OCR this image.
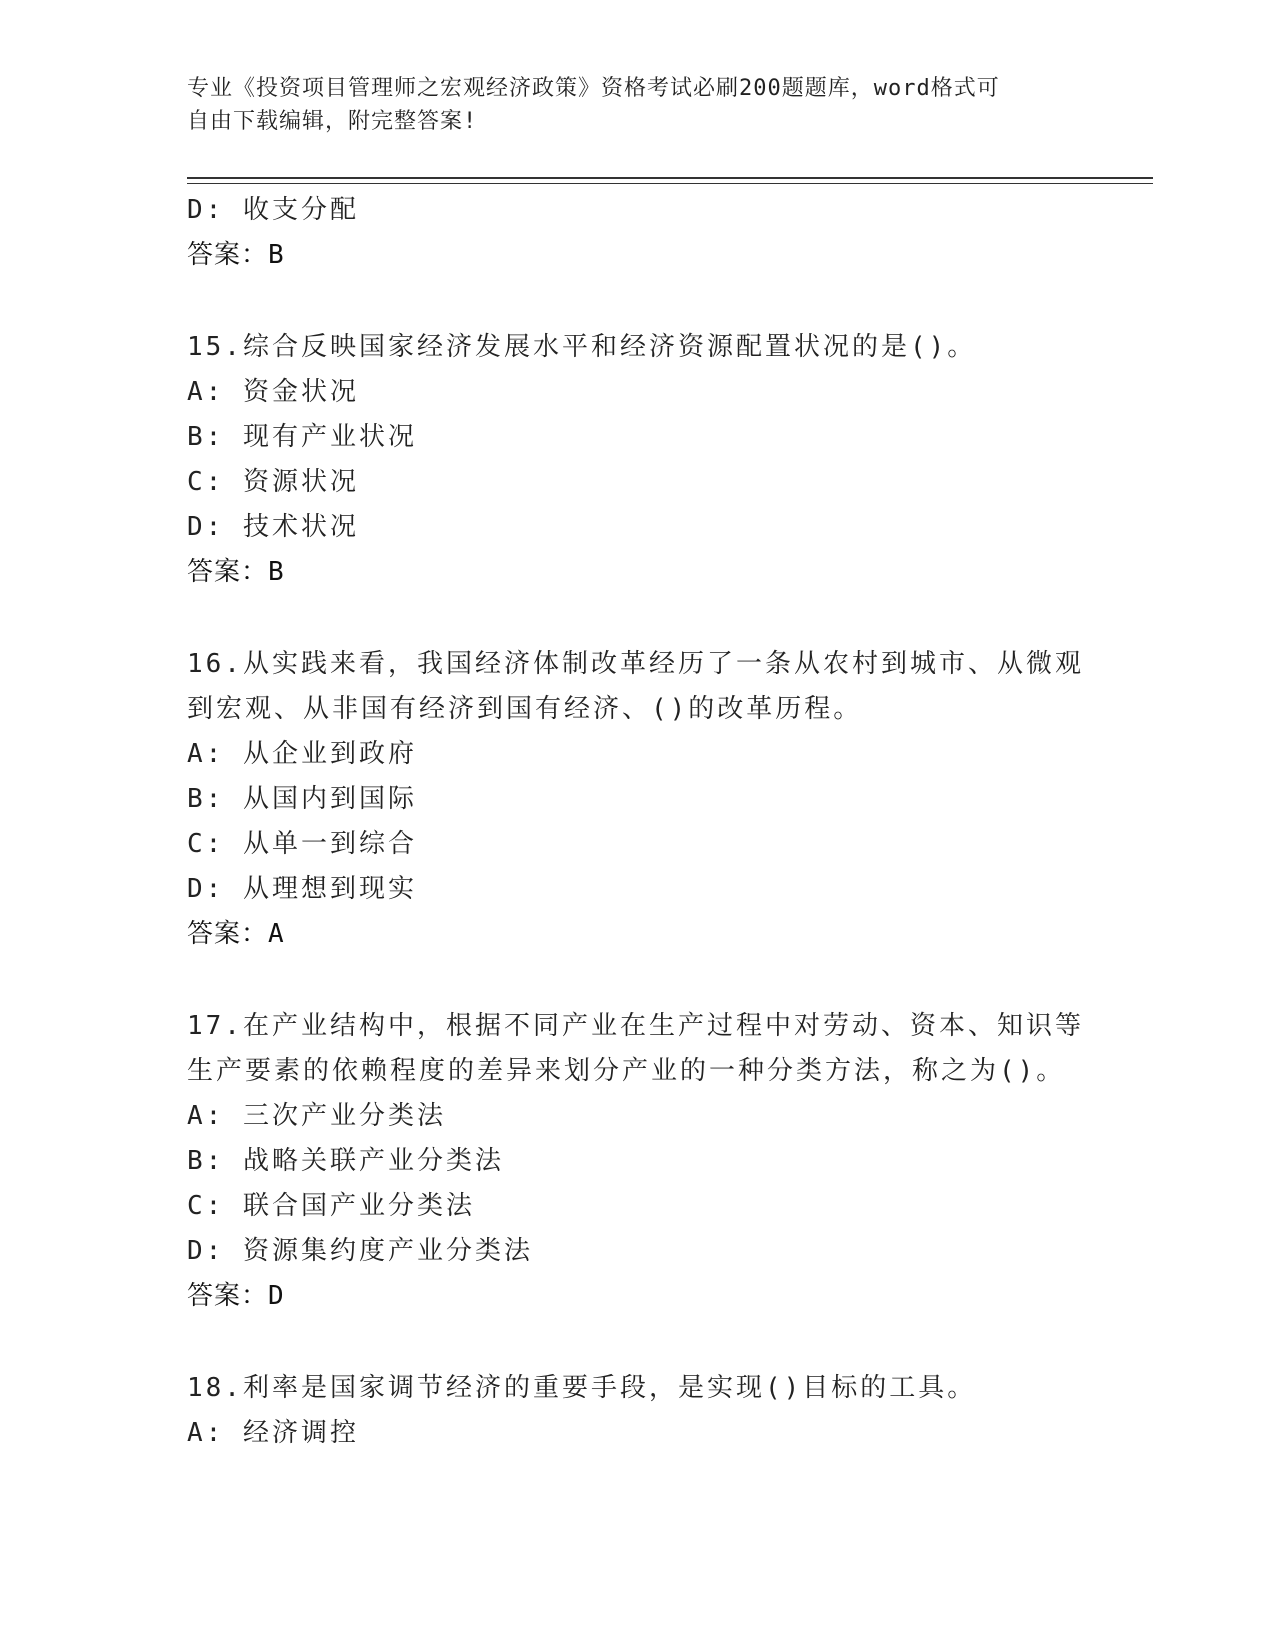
专业《投资项目管理师之宏观经济政策》资格考试必刷200题题库，word格式可
自由下载编辑，附完整答案!
D: 收支分配
答案：B
15.综合反映国家经济发展水平和经济资源配置状况的是()。
A: 资金状况
B: 现有产业状况
C: 资源状况
D: 技术状况
答案：B
16.从实践来看，我国经济体制改革经历了一条从农村到城市、从微观
到宏观、从非国有经济到国有经济、()的改革历程。
A: 从企业到政府
B: 从国内到国际
C: 从单一到综合
D: 从理想到现实
答案：A
17.在产业结构中，根据不同产业在生产过程中对劳动、资本、知识等
生产要素的依赖程度的差异来划分产业的一种分类方法，称之为()。
A: 三次产业分类法
B: 战略关联产业分类法
C: 联合国产业分类法
D: 资源集约度产业分类法
答案：D
18.利率是国家调节经济的重要手段，是实现()目标的工具。
A: 经济调控
